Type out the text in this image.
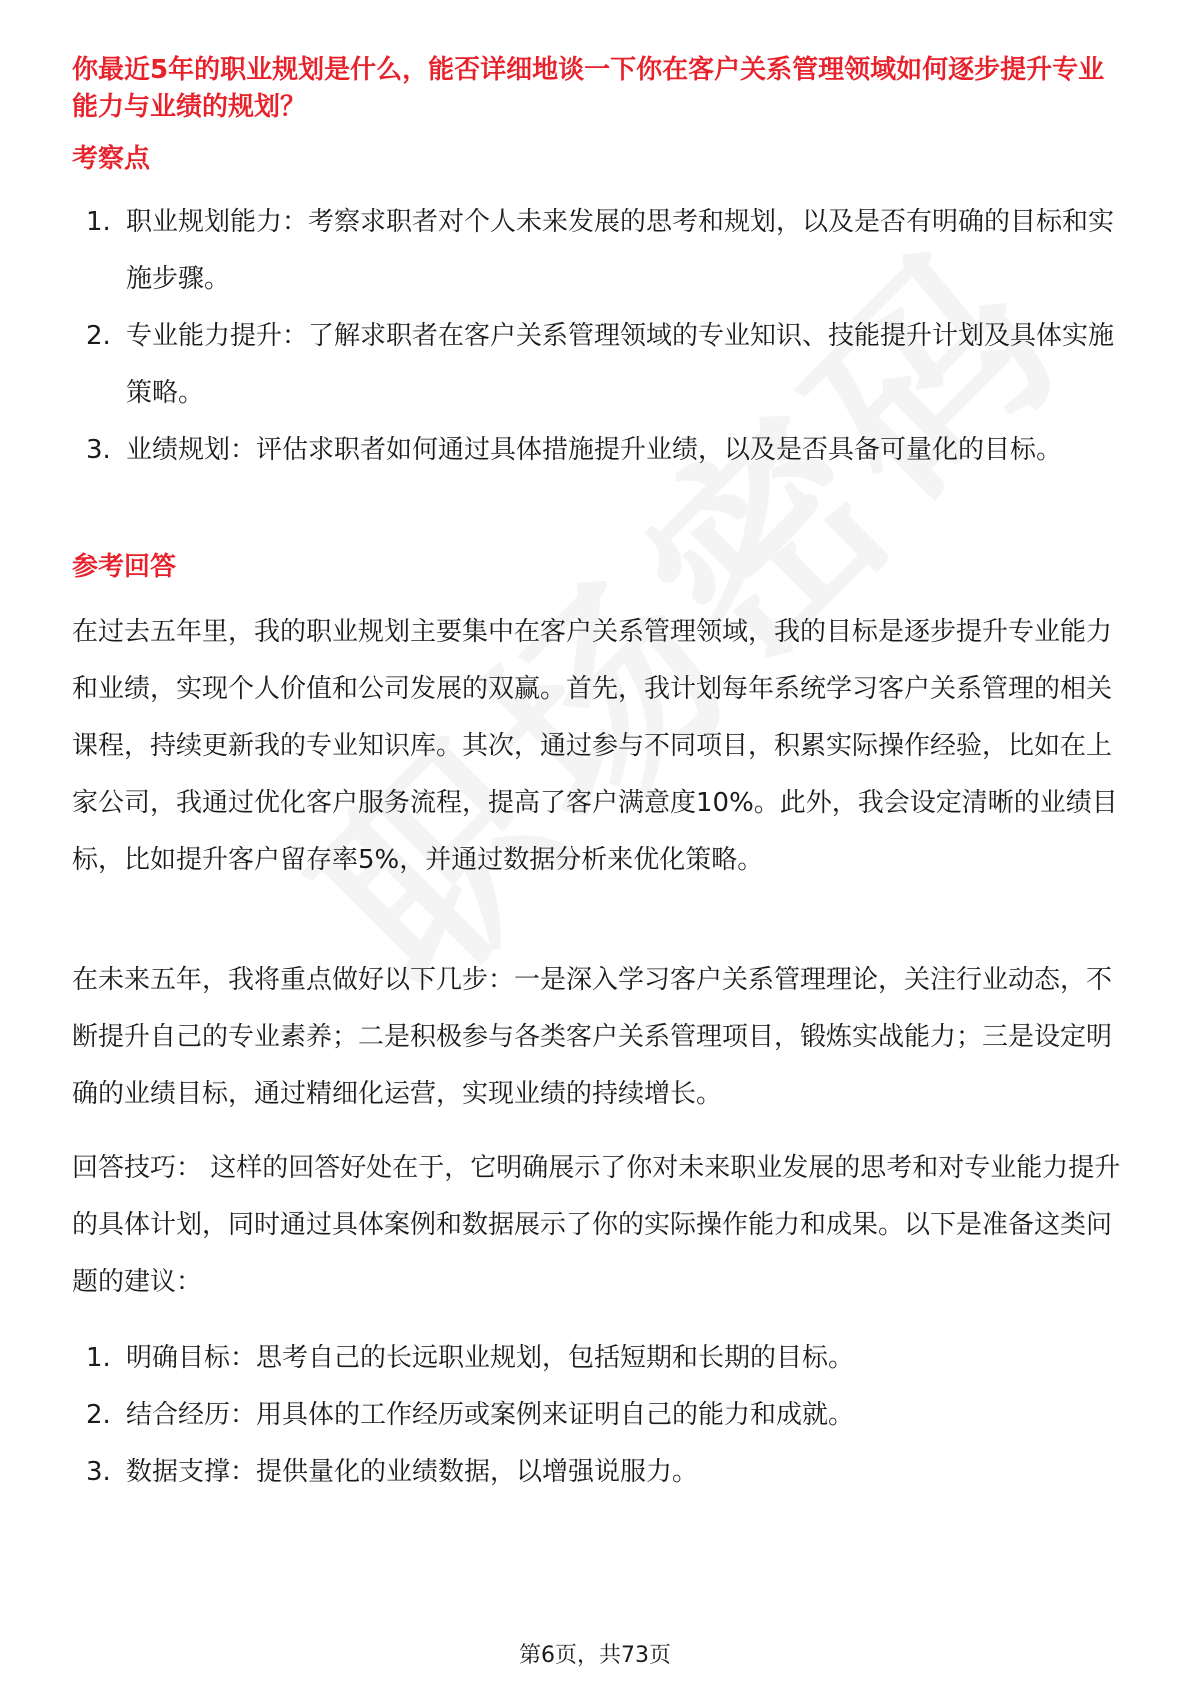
你最近5年的职业规划是什么，能否详细地谈一下你在客户关系管理领域如何逐步提升专业能力与业绩的规划？
考察点
1. 职业规划能力：考察求职者对个人未来发展的思考和规划，以及是否有明确的目标和实施步骤。
2. 专业能力提升：了解求职者在客户关系管理领域的专业知识、技能提升计划及具体实施策略。
3. 业绩规划：评估求职者如何通过具体措施提升业绩，以及是否具备可量化的目标。
参考回答

在过去五年里，我的职业规划主要集中在客户关系管理领域，我的目标是逐步提升专业能力和业绩，实现个人价值和公司发展的双赢。首先，我计划每年系统学习客户关系管理的相关课程，持续更新我的专业知识库。其次，通过参与不同项目，积累实际操作经验，比如在上家公司，我通过优化客户服务流程，提高了客户满意度10%。此外，我会设定清晰的业绩目标，比如提升客户留存率5%，并通过数据分析来优化策略。

在未来五年，我将重点做好以下几步：一是深入学习客户关系管理理论，关注行业动态，不断提升自己的专业素养；二是积极参与各类客户关系管理项目，锻炼实战能力；三是设定明确的业绩目标，通过精细化运营，实现业绩的持续增长。

回答技巧： 这样的回答好处在于，它明确展示了你对未来职业发展的思考和对专业能力提升的具体计划，同时通过具体案例和数据展示了你的实际操作能力和成果。以下是准备这类问题的建议：

1. 明确目标：思考自己的长远职业规划，包括短期和长期的目标。
2. 结合经历：用具体的工作经历或案例来证明自己的能力和成就。
3. 数据支撑：提供量化的业绩数据，以增强说服力。
第6页，共73页
